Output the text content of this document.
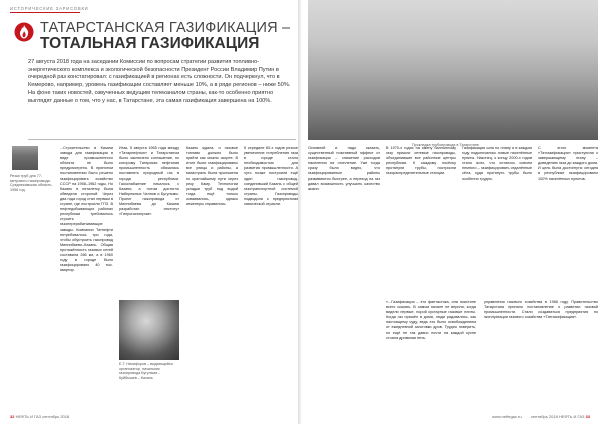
ИСТОРИЧЕСКИЕ ЗАРИСОВКИ
ТАТАРСТАНСКАЯ ГАЗИФИКАЦИЯ –
ТОТАЛЬНАЯ ГАЗИФИКАЦИЯ

27 августа 2018 года на заседании Комиссии по вопросам стратегии развития топливно-энергетического комплекса и экологической безопасности Президент России Владимир Путин в очередной раз констатировал: с газификацией в регионах есть сложности. Он подчеркнул, что в Кемерово, например, уровень газификации составляет меньше 10%, а в ряде регионов – ниже 50%. На фоне таких новостей, озвученных ведущим телеканалом страны, как-то особенно приятно выглядят данные о том, что у нас, в Татарстане, эта самая газификация завершена на 100%.

Резка труб для 77-метрового газопровода. Среднекамская область. 1956 год
...Строительство в Казани завода для газификации в виде промышленного объекта не было предусмотрено. В принятом постановлении было решено газифицировать хозяйство СССР на 1958–1962 годы. Но Казань в пятилетку была обведена стороной. Через два года город стал первым в стране, где построили ГПЗ. В нефтедобывающих районах республики требовалось строить газоперерабатывающие заводы. Компании Татнефти потребовалось три года, чтобы обустроить газопровод Миннибаево–Казань. Общая протяжённость газовых сетей составила 266 км, а в 1960 году в городе было газифицировано 40 тыс. квартир.
Итак, 5 августа 1965 года между «Татарнефтью» и Татарстаном было заключено соглашение, по которому Татарская нефтяная промышленность обязалась поставлять природный газ в города республики. Газоснабжение началось с Казани, а потом достигло Набережных Челнов и Бугульмы. Проект газопровода от Миннибаева до Казани разработал институт «Гипрогазтопром».
Казань ждала, и газовое топливо должно было прийти как можно скорее. В итоге были газифицированы все улицы и районы, а магистраль была проложена по кратчайшему пути через реку Каму. Технологии укладки труб под водой тогда ещё только осваивались, однако инженеры справились.
К середине 60-х годов резкое увеличение потребления газа в городе стало необходимостью для развития промышленности. А чуть позже построили ещё один газопровод, соединивший Казань с общей газотранспортной системой страны. Газопроводы подводили к предприятиям химической отрасли.
Е.Т. Никифоров – выдающийся организатор, начальник газопровода Бугульма – Куйбышев – Казань
32 НЕФТЬ И ГАЗ сентябрь 2018
Прокладка трубопровода в Татарстане
Основной и, надо сказать, существенный позитивный эффект от газификации – снижение расходов населения на отопление. Уже тогда сразу было видно, что газифицированные районы развиваются быстрее, а переход на газ давал возможность улучшить качество жизни.
В 1970-х годах на смену баллонному газу пришли сетевые газопроводы, объединившие все районные центры республики. К каждому посёлку протянули трубы, построили газораспределительные станции.
Газификация шла по плану и в каждом году подключались новые населённые пункты. Наконец, к концу 2000-х годов стало ясно, что осталось совсем немного – газифицировать отдалённые сёла, куда протянуть трубы было особенно трудно.
С этого момента «Татгазификация» приступила к завершающему этапу – доведению газа до каждого дома. И цель была достигнута: сегодня в республике газифицировано 100% населённых пунктов.
«...Газификация – это фантастика, она поистине всего сказать. В самом начале не верили, когда видели первые, порой кустарные газовые плиты. Когда газ пришёл в дома, люди радовались, как настоящему чуду, ведь это было освобождением от ежедневной заготовки дров. Трудно поверить, но ещё не так давно почти на каждой кухне стояла дровяная печь.
управления газового хозяйства в 1966 году. Правительство Татарстана приняло постановление о развитии газовой промышленности. Стали создаваться предприятия по эксплуатации газового хозяйства «Татгазификация».
www.neftegaz.ru сентябрь 2018 НЕФТЬ И ГАЗ 33
